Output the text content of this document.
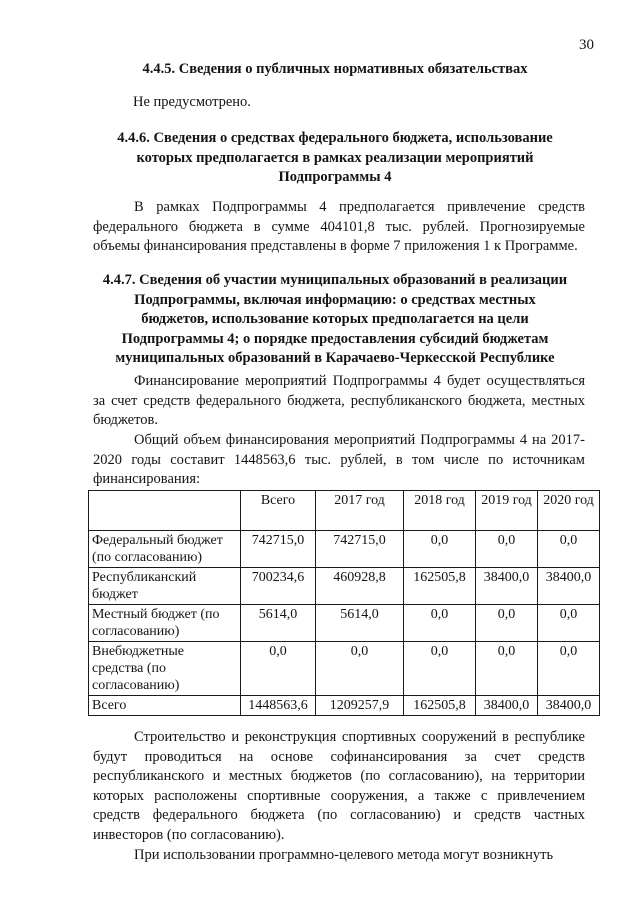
30

4.4.5. Сведения о публичных нормативных обязательствах

Не предусмотрено.

4.4.6. Сведения о средствах федерального бюджета, использование
которых предполагается в рамках реализации мероприятий
Подпрограммы 4

В рамках Подпрограммы 4 предполагается привлечение средств федерального бюджета в сумме 404101,8 тыс. рублей. Прогнозируемые объемы финансирования представлены в форме 7 приложения 1 к Программе.

4.4.7. Сведения об участии муниципальных образований в реализации
Подпрограммы, включая информацию: о средствах местных
бюджетов, использование которых предполагается на цели
Подпрограммы 4; о порядке предоставления субсидий бюджетам
муниципальных образований в Карачаево-Черкесской Республике

Финансирование мероприятий Подпрограммы 4 будет осуществляться за счет средств федерального бюджета, республиканского бюджета, местных бюджетов.

Общий объем финансирования мероприятий Подпрограммы 4 на 2017-2020 годы составит 1448563,6 тыс. рублей, в том числе по источникам финансирования:

	Всего	2017 год	2018 год	2019 год	2020 год
Федеральный бюджет (по согласованию)	742715,0	742715,0	0,0	0,0	0,0
Республиканский бюджет	700234,6	460928,8	162505,8	38400,0	38400,0
Местный бюджет (по согласованию)	5614,0	5614,0	0,0	0,0	0,0
Внебюджетные средства (по согласованию)	0,0	0,0	0,0	0,0	0,0
Всего	1448563,6	1209257,9	162505,8	38400,0	38400,0

Строительство и реконструкция спортивных сооружений в республике будут проводиться на основе софинансирования за счет средств республиканского и местных бюджетов (по согласованию), на территории которых расположены спортивные сооружения, а также с привлечением средств федерального бюджета (по согласованию) и средств частных инвесторов (по согласованию).

При использовании программно-целевого метода могут возникнуть
